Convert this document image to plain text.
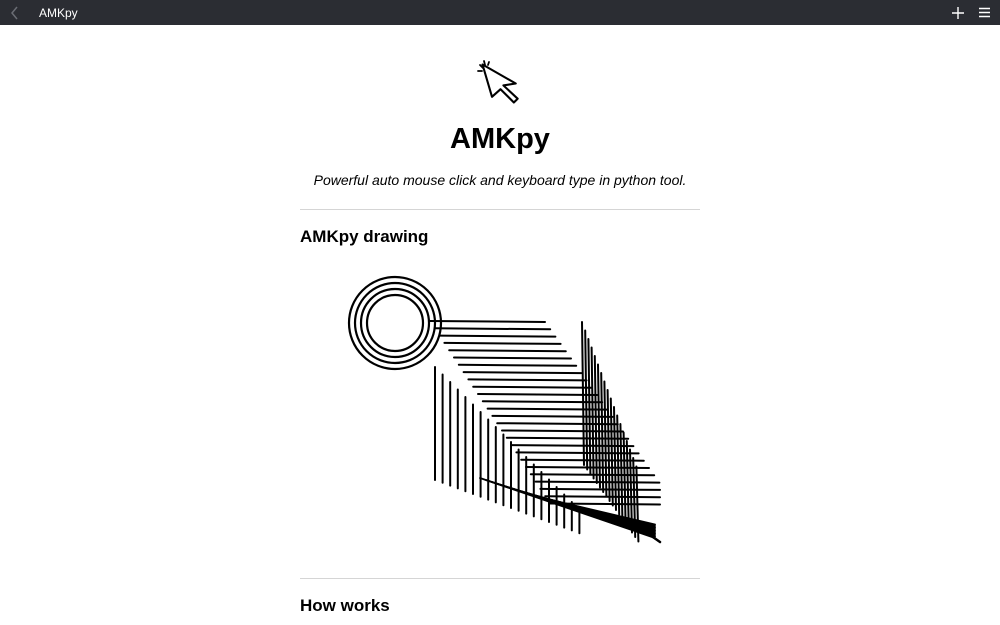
AMKpy
AMKpy

Powerful auto mouse click and keyboard type in python tool.

AMKpy drawing
How works
